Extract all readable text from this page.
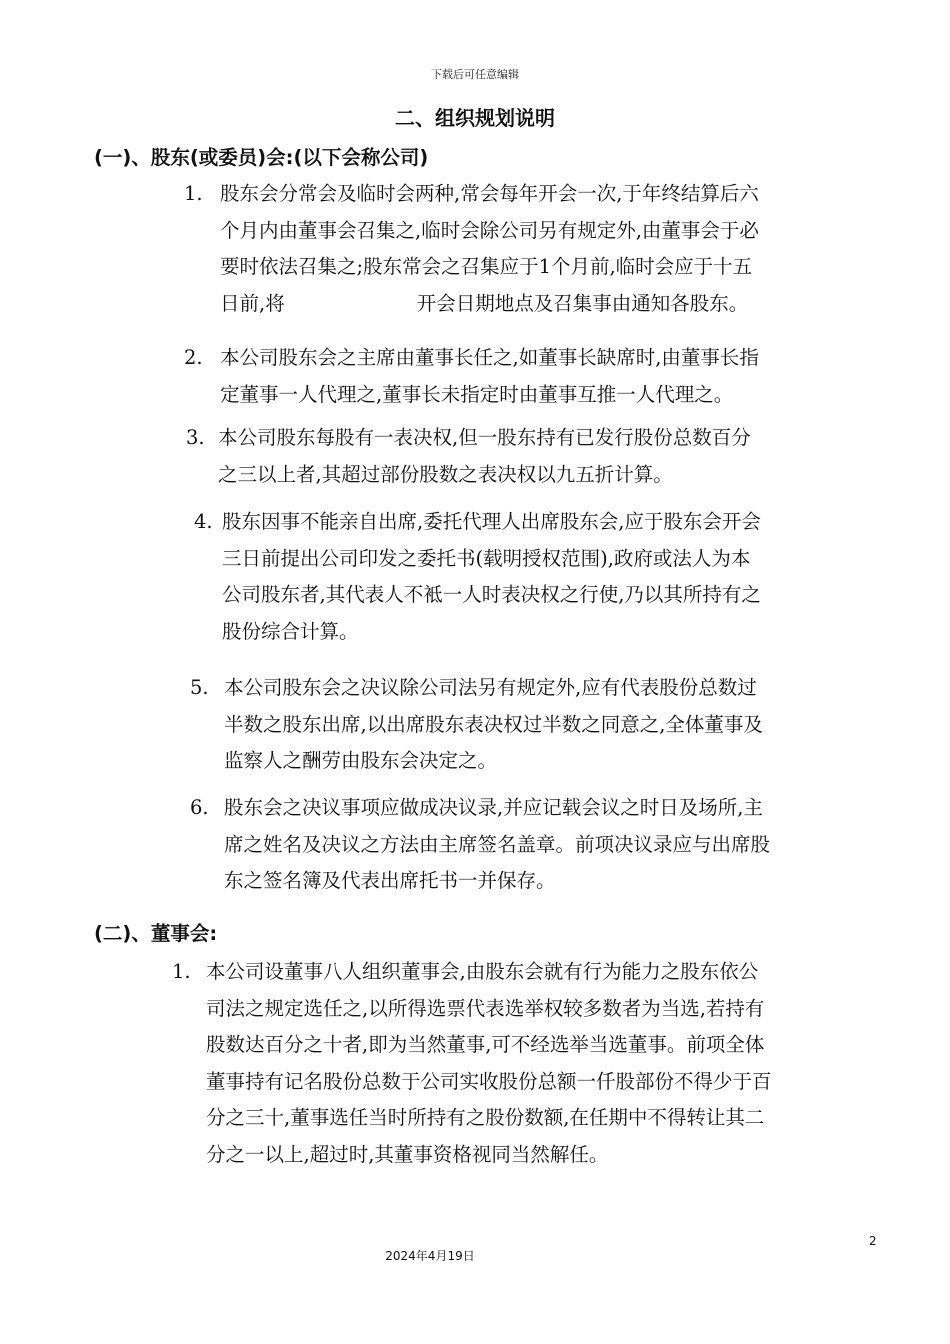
下载后可任意编辑
二、组织规划说明
(一)、股东(或委员)会:(以下会称公司)
1. 股东会分常会及临时会两种,常会每年开会一次,于年终结算后六
个月内由董事会召集之,临时会除公司另有规定外,由董事会于必
要时依法召集之;股东常会之召集应于1个月前,临时会应于十五
日前,将	开会日期地点及召集事由通知各股东。
2. 本公司股东会之主席由董事长任之,如董事长缺席时,由董事长指
定董事一人代理之,董事长未指定时由董事互推一人代理之。
3. 本公司股东每股有一表决权,但一股东持有已发行股份总数百分
之三以上者,其超过部份股数之表决权以九五折计算。
4. 股东因事不能亲自出席,委托代理人出席股东会,应于股东会开会
三日前提出公司印发之委托书(载明授权范围),政府或法人为本
公司股东者,其代表人不袛一人时表决权之行使,乃以其所持有之
股份综合计算。
5. 本公司股东会之决议除公司法另有规定外,应有代表股份总数过
半数之股东出席,以出席股东表决权过半数之同意之,全体董事及
监察人之酬劳由股东会决定之。
6. 股东会之决议事项应做成决议录,并应记载会议之时日及场所,主
席之姓名及决议之方法由主席签名盖章。前项决议录应与出席股
东之签名簿及代表出席托书一并保存。
(二)、董事会:
1. 本公司设董事八人组织董事会,由股东会就有行为能力之股东依公
司法之规定选任之,以所得选票代表选举权较多数者为当选,若持有
股数达百分之十者,即为当然董事,可不经选举当选董事。前项全体
董事持有记名股份总数于公司实收股份总额一仟股部份不得少于百
分之三十,董事选任当时所持有之股份数额,在任期中不得转让其二
分之一以上,超过时,其董事资格视同当然解任。
2
2024年4月19日
